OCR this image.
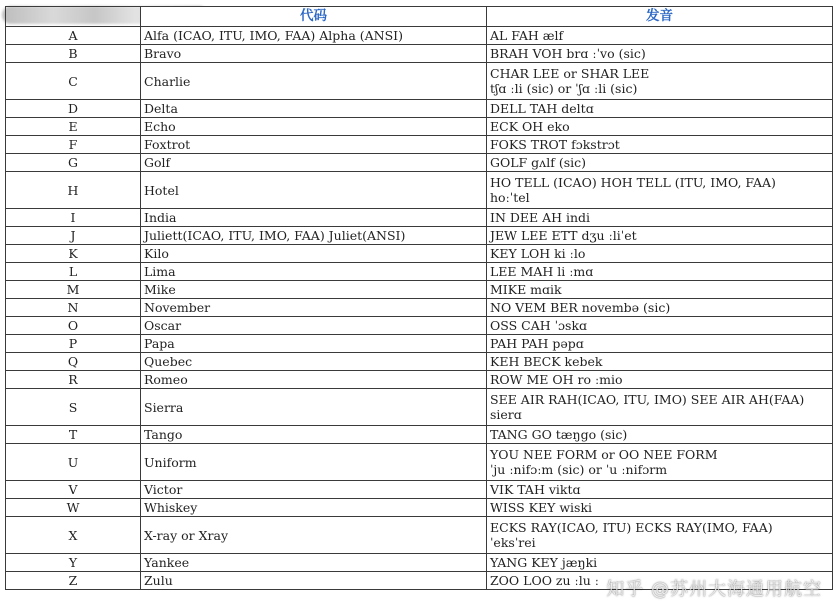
	代码	发音
A	Alfa (ICAO, ITU, IMO, FAA) Alpha (ANSI)	AL FAH ælf

B	Bravo	BRAH VOH brɑ ːˈvo (sic)

C	Charlie	CHAR LEE or SHAR LEE
tʃɑ ːli (sic) or ˈʃɑ ːli (sic)

D	Delta	DELL TAH deltɑ

E	Echo	ECK OH eko

F	Foxtrot	FOKS TROT fɔkstrɔt

G	Golf	GOLF gʌlf (sic)

H	Hotel	HO TELL (ICAO) HOH TELL (ITU, IMO, FAA)
hoːˈtel

I	India	IN DEE AH indi

J	Juliett(ICAO, ITU, IMO, FAA) Juliet(ANSI)	JEW LEE ETT dʒu ːliˈet

K	Kilo	KEY LOH ki ːlo

L	Lima	LEE MAH li ːmɑ

M	Mike	MIKE mɑik

N	November	NO VEM BER novembə (sic)

O	Oscar	OSS CAH ˈɔskɑ

P	Papa	PAH PAH pəpɑ

Q	Quebec	KEH BECK kebek

R	Romeo	ROW ME OH ro ːmio

S	Sierra	SEE AIR RAH(ICAO, ITU, IMO) SEE AIR AH(FAA)
sierɑ

T	Tango	TANG GO tæŋgo (sic)

U	Uniform	YOU NEE FORM or OO NEE FORM
ˈju ːnifɔːm (sic) or ˈu ːnifɔrm

V	Victor	VIK TAH viktɑ

W	Whiskey	WISS KEY wiski

X	X-ray or Xray	ECKS RAY(ICAO, ITU) ECKS RAY(IMO, FAA)
ˈeksˈrei

Y	Yankee	YANG KEY jæŋki

Z	Zulu	ZOO LOO zu ːlu ː 知乎 @苏州大海通用航空
